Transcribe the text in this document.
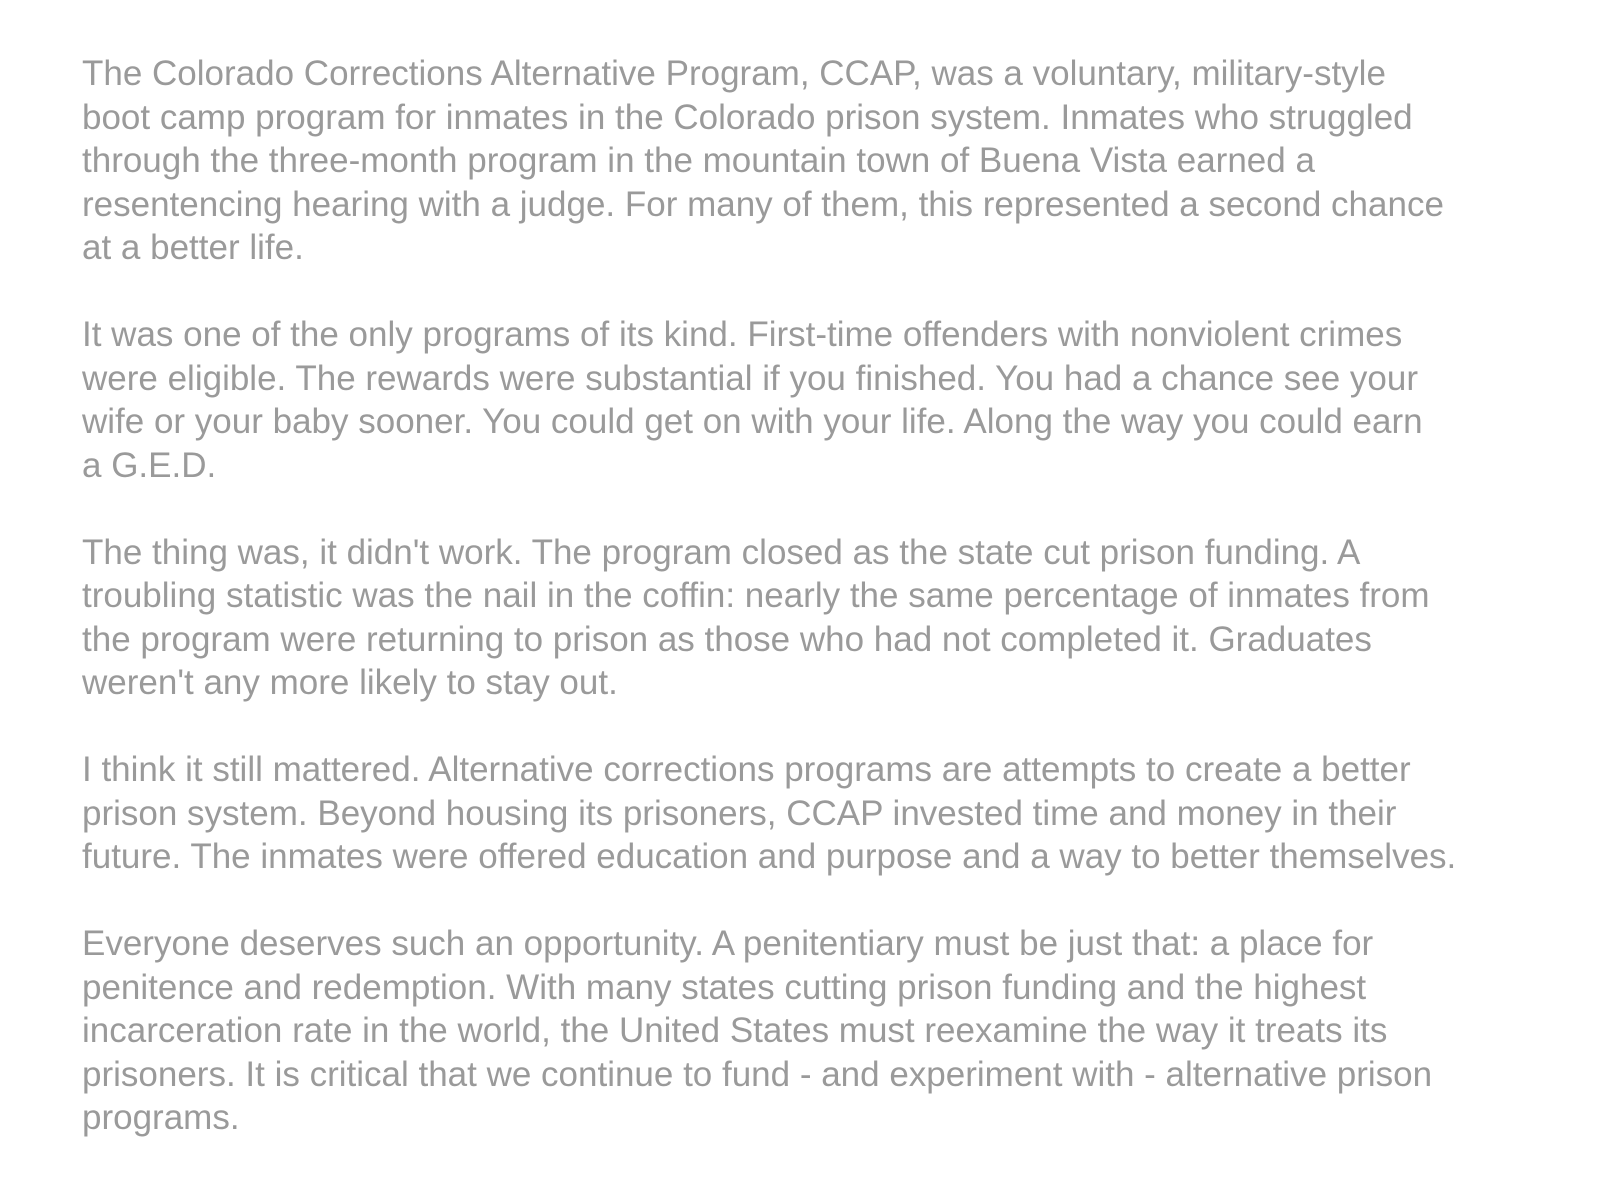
The Colorado Corrections Alternative Program, CCAP, was a voluntary, military-style
boot camp program for inmates in the Colorado prison system. Inmates who struggled
through the three-month program in the mountain town of Buena Vista earned a
resentencing hearing with a judge. For many of them, this represented a second chance
at a better life.

It was one of the only programs of its kind. First-time offenders with nonviolent crimes
were eligible. The rewards were substantial if you finished. You had a chance see your
wife or your baby sooner. You could get on with your life. Along the way you could earn
a G.E.D.

The thing was, it didn't work. The program closed as the state cut prison funding. A
troubling statistic was the nail in the coffin: nearly the same percentage of inmates from
the program were returning to prison as those who had not completed it. Graduates
weren't any more likely to stay out.

I think it still mattered. Alternative corrections programs are attempts to create a better
prison system. Beyond housing its prisoners, CCAP invested time and money in their
future. The inmates were offered education and purpose and a way to better themselves.

Everyone deserves such an opportunity. A penitentiary must be just that: a place for
penitence and redemption. With many states cutting prison funding and the highest
incarceration rate in the world, the United States must reexamine the way it treats its
prisoners. It is critical that we continue to fund - and experiment with - alternative prison
programs.
